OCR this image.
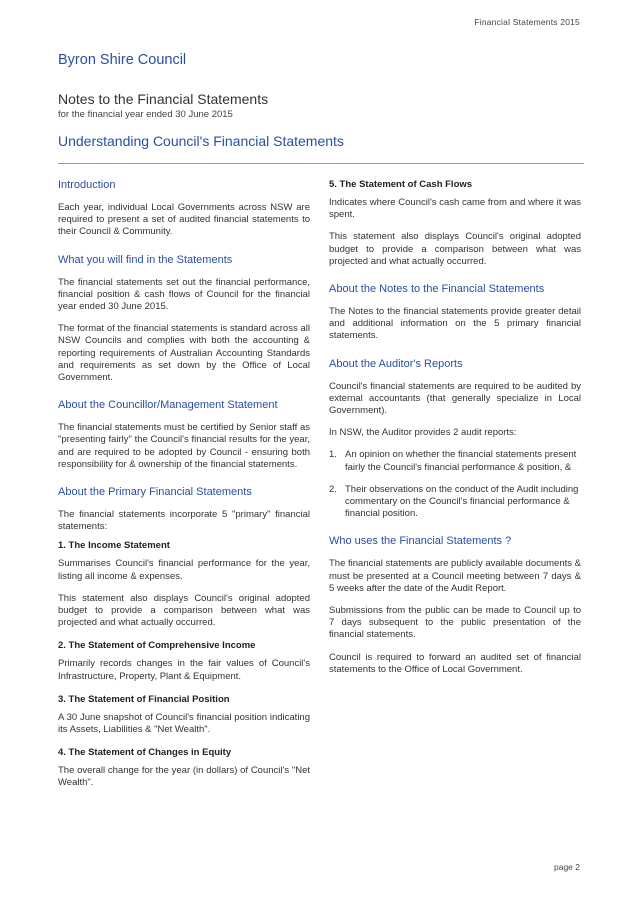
Financial Statements 2015
Byron Shire Council
Notes to the Financial Statements
for the financial year ended 30 June 2015
Understanding Council's Financial Statements
Introduction

Each year, individual Local Governments across NSW are required to present a set of audited financial statements to their Council & Community.

What you will find in the Statements

The financial statements set out the financial performance, financial position & cash flows of Council for the financial year ended 30 June 2015.

The format of the financial statements is standard across all NSW Councils and complies with both the accounting & reporting requirements of Australian Accounting Standards and requirements as set down by the Office of Local Government.

About the Councillor/Management Statement

The financial statements must be certified by Senior staff as "presenting fairly" the Council's financial results for the year, and are required to be adopted by Council - ensuring both responsibility for & ownership of the financial statements.

About the Primary Financial Statements

The financial statements incorporate 5 "primary" financial statements:

1. The Income Statement

Summarises Council's financial performance for the year, listing all income & expenses.

This statement also displays Council's original adopted budget to provide a comparison between what was projected and what actually occurred.

2. The Statement of Comprehensive Income

Primarily records changes in the fair values of Council's Infrastructure, Property, Plant & Equipment.

3. The Statement of Financial Position

A 30 June snapshot of Council's financial position indicating its Assets, Liabilities & "Net Wealth".

4. The Statement of Changes in Equity

The overall change for the year (in dollars) of Council's "Net Wealth".

5. The Statement of Cash Flows

Indicates where Council's cash came from and where it was spent.

This statement also displays Council's original adopted budget to provide a comparison between what was projected and what actually occurred.

About the Notes to the Financial Statements

The Notes to the financial statements provide greater detail and additional information on the 5 primary financial statements.

About the Auditor's Reports

Council's financial statements are required to be audited by external accountants (that generally specialize in Local Government).

In NSW, the Auditor provides 2 audit reports:

1. An opinion on whether the financial statements present fairly the Council's financial performance & position, &
2. Their observations on the conduct of the Audit including commentary on the Council's financial performance & financial position.
Who uses the Financial Statements ?

The financial statements are publicly available documents & must be presented at a Council meeting between 7 days & 5 weeks after the date of the Audit Report.

Submissions from the public can be made to Council up to 7 days subsequent to the public presentation of the financial statements.

Council is required to forward an audited set of financial statements to the Office of Local Government.

page 2
